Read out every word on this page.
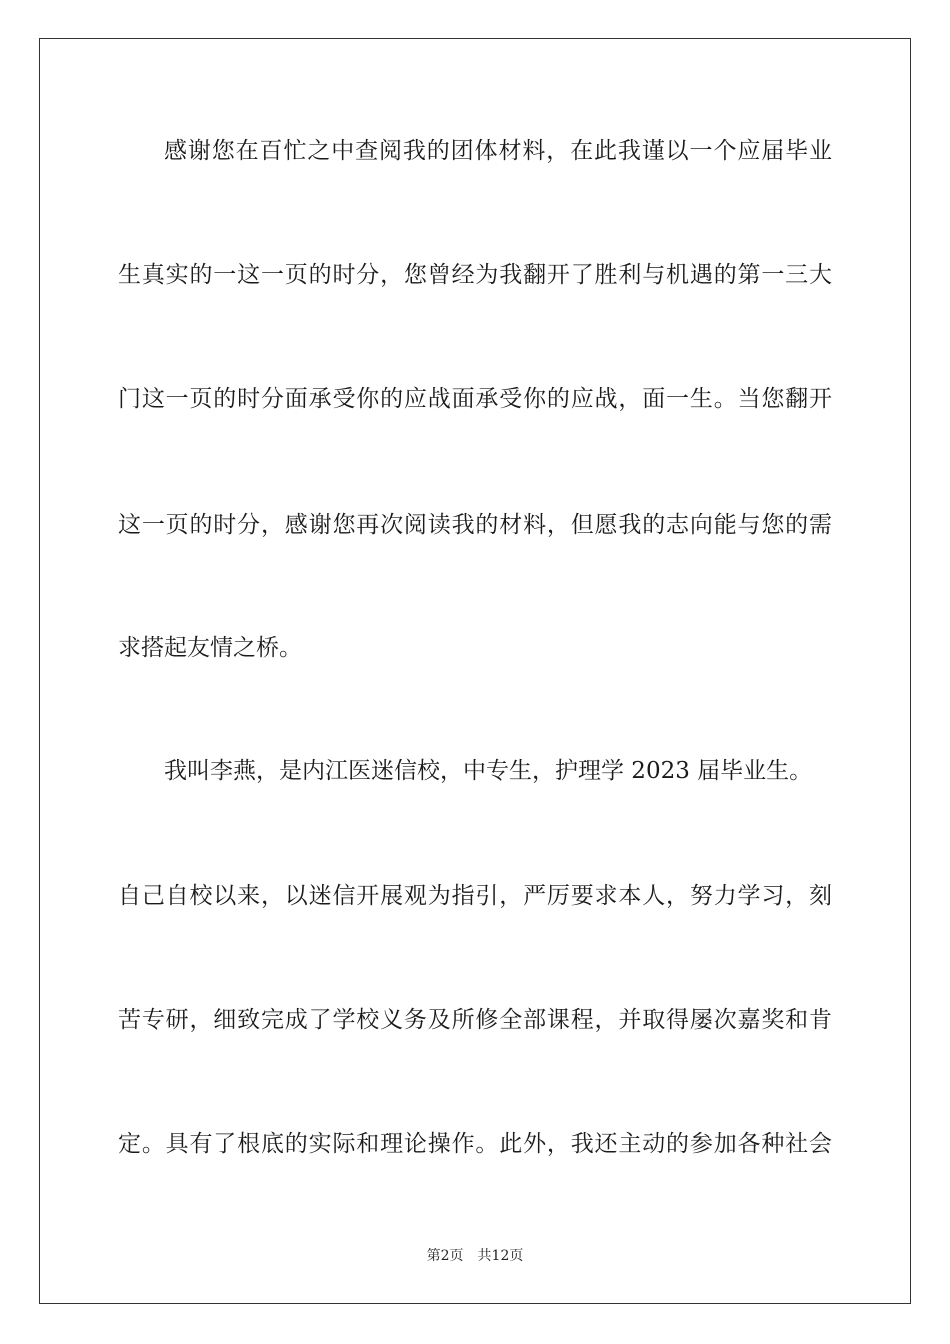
感谢您在百忙之中查阅我的团体材料，在此我谨以一个应届毕业
生真实的一这一页的时分，您曾经为我翻开了胜利与机遇的第一三大
门这一页的时分面承受你的应战面承受你的应战，面一生。当您翻开
这一页的时分，感谢您再次阅读我的材料，但愿我的志向能与您的需
求搭起友情之桥。
我叫李燕，是内江医迷信校，中专生，护理学 2023 届毕业生。
自己自校以来，以迷信开展观为指引，严厉要求本人，努力学习，刻
苦专研，细致完成了学校义务及所修全部课程，并取得屡次嘉奖和肯
定。具有了根底的实际和理论操作。此外，我还主动的参加各种社会
第2页 共12页
